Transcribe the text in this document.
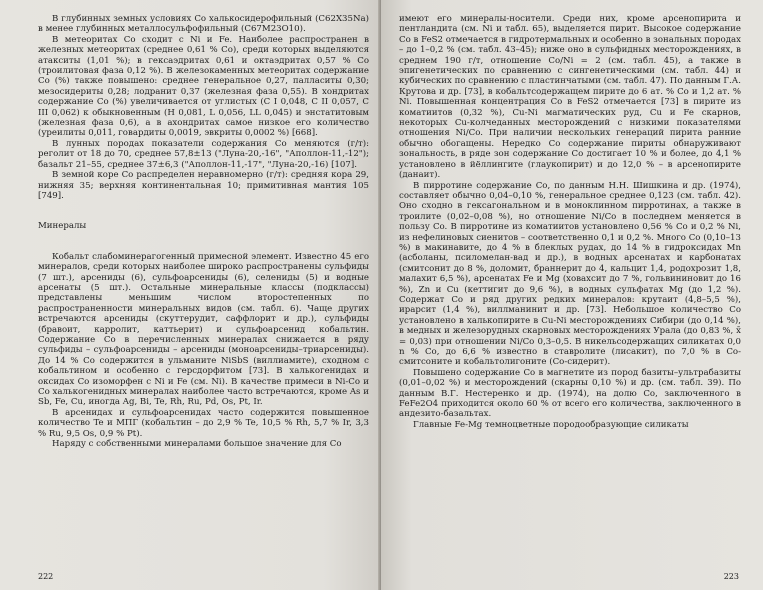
В глубинных земных условиях Co халькосидерофильный (C62X35Na) в менее глубинных металлосульфофильный (C67M23O10).

В метеоритах Co сходит с Ni и Fe. Наиболее распространен в железных метеоритах (среднее 0,61 % Co), среди которых выделяются атакситы (1,01 %); в гексаэдритах 0,61 и октаэдритах 0,57 % Co (троилитовая фаза 0,12 %). В железокаменных метеоритах содержание Co (%) также повышено: среднее генеральное 0,27, палласиты 0,30; мезосидериты 0,28; лодранит 0,37 (железная фаза 0,55). В хондритах содержание Co (%) увеличивается от углистых (C I 0,048, C II 0,057, C III 0,062) к обыкновенным (H 0,081, L 0,056, LL 0,045) и энстатитовым (железная фаза 0,6), а в ахондритах самое низкое его количество (уреилиты 0,011, говардиты 0,0019, эвкриты 0,0002 %) [668].

В лунных породах показатели содержания Co меняются (г/т): реголит от 18 до 70, среднее 57,8±13 ("Луна-20,-16", "Аполлон-11,-12"); базальт 21–55, среднее 37±6,3 ("Аполлон-11,-17", "Луна-20,-16) [107].

В земной коре Co распределен неравномерно (г/т): средняя кора 29, нижняя 35; верхняя континентальная 10; примитивная мантия 105 [749].

Минералы

Кобальт слабоминерагогенный примесной элемент. Известно 45 его минералов, среди которых наиболее широко распространены сульфиды (7 шт.), арсениды (6), сульфоарсениды (6), селениды (5) и водные арсенаты (5 шт.). Остальные минеральные классы (подклассы) представлены меньшим числом второстепенных по распространенности минеральных видов (см. табл. 6). Чаще других встречаются арсениды (скуттерудит, саффлорит и др.), сульфиды (бравоит, карролит, каттьерит) и сульфоарсенид кобальтин. Содержание Co в перечисленных минералах снижается в ряду сульфиды – сульфоарсениды – арсениды (моноарсениды–триарсениды). До 14 % Co содержится в ульманите NiSbS (виллиамите), сходном с кобальтином и особенно с герсдорфитом [73]. В халькогенидах и оксидах Co изоморфен с Ni и Fe (см. Ni). В качестве примеси в Ni-Co и Co халькогенидных минералах наиболее часто встречаются, кроме As и Sb, Fe, Cu, иногда Ag, Bi, Te, Rh, Ru, Pd, Os, Pt, Ir.

В арсенидах и сульфоарсенидах часто содержится повышенное количество Te и МПГ (кобальтин – до 2,9 % Te, 10,5 % Rh, 5,7 % Ir, 3,3 % Ru, 9,5 Os, 0,9 % Pt).

Наряду с собственными минералами большое значение для Co

222

имеют его минералы-носители. Среди них, кроме арсенопирита и пентландита (см. Ni и табл. 65), выделяется пирит. Высокое содержание Co в FeS2 отмечается в гидротермальных и особенно в зональных породах – до 1–0,2 % (см. табл. 43–45); ниже оно в сульфидных месторождениях, в среднем 190 г/т, отношение Co/Ni = 2 (см. табл. 45), а также в эпигенетических по сравнению с сингенетическими (см. табл. 44) и кубических по сравнению с пластинчатыми (см. табл. 47). По данным Г.А. Крутова и др. [73], в кобальтсодержащем пирите до 6 ат. % Co и 1,2 ат. % Ni. Повышенная концентрация Co в FeS2 отмечается [73] в пирите из коматиитов (0,32 %), Cu-Ni магматических руд, Cu и Fe скарнов, некоторых Cu-колчеданных месторождений с низкими показателями отношения Ni/Co. При наличии нескольких генераций пирита ранние обычно обогащены. Нередко Co содержание пириты обнаруживают зональность, в ряде зон содержание Co достигает 10 % и более, до 4,1 % установлено в йёллингите (глаукопирит) и до 12,0 % – в арсенопирите (данаит).

В пирротине содержание Co, по данным Н.Н. Шишкина и др. (1974), составляет обычно 0,04–0,10 %, генеральное среднее 0,123 (см. табл. 42). Оно сходно в гексагональном и в моноклинном пирротинах, а также в троилите (0,02–0,08 %), но отношение Ni/Co в последнем меняется в пользу Co. В пирротине из коматиитов установлено 0,56 % Co и 0,2 % Ni, из нефелиновых сиенитов – соответственно 0,1 и 0,2 %. Много Co (0,10–13 %) в макинавите, до 4 % в блеклых рудах, до 14 % в гидроксидах Mn (асболаны, псиломелан-вад и др.), в водных арсенатах и карбонатах (смитсонит до 8 %, доломит, браннерит до 4, кальцит 1,4, родохрозит 1,8, малахит 6,5 %), арсенатах Fe и Mg (ховахсит до 7 %, гольвининовит до 16 %), Zn и Cu (кеттигит до 9,6 %), в водных сульфатах Mg (до 1,2 %). Содержат Co и ряд других редких минералов: крутаит (4,8–5,5 %), ирарсит (1,4 %), виллманинит и др. [73]. Небольшое количество Co установлено в халькопирите в Cu-Ni месторождениях Сибири (до 0,14 %), в медных и железорудных скарновых месторождениях Урала (до 0,83 %, x̄ = 0,03) при отношении Ni/Co 0,3–0,5. В никельсодержащих силикатах 0,0 n % Co, до 6,6 % известно в ставролите (лисакит), по 7,0 % в Co-смитсоните и кобальтолигоните (Co-сидерит).

Повышено содержание Co в магнетите из пород базиты–ультрабазиты (0,01–0,02 %) и месторождений (скарны 0,10 %) и др. (см. табл. 39). По данным В.Г. Нестеренко и др. (1974), на долю Co, заключенного в FeFe2O4 приходится около 60 % от всего его количества, заключенного в андезито-базальтах.

Главные Fe-Mg темноцветные породообразующие силикаты

223
